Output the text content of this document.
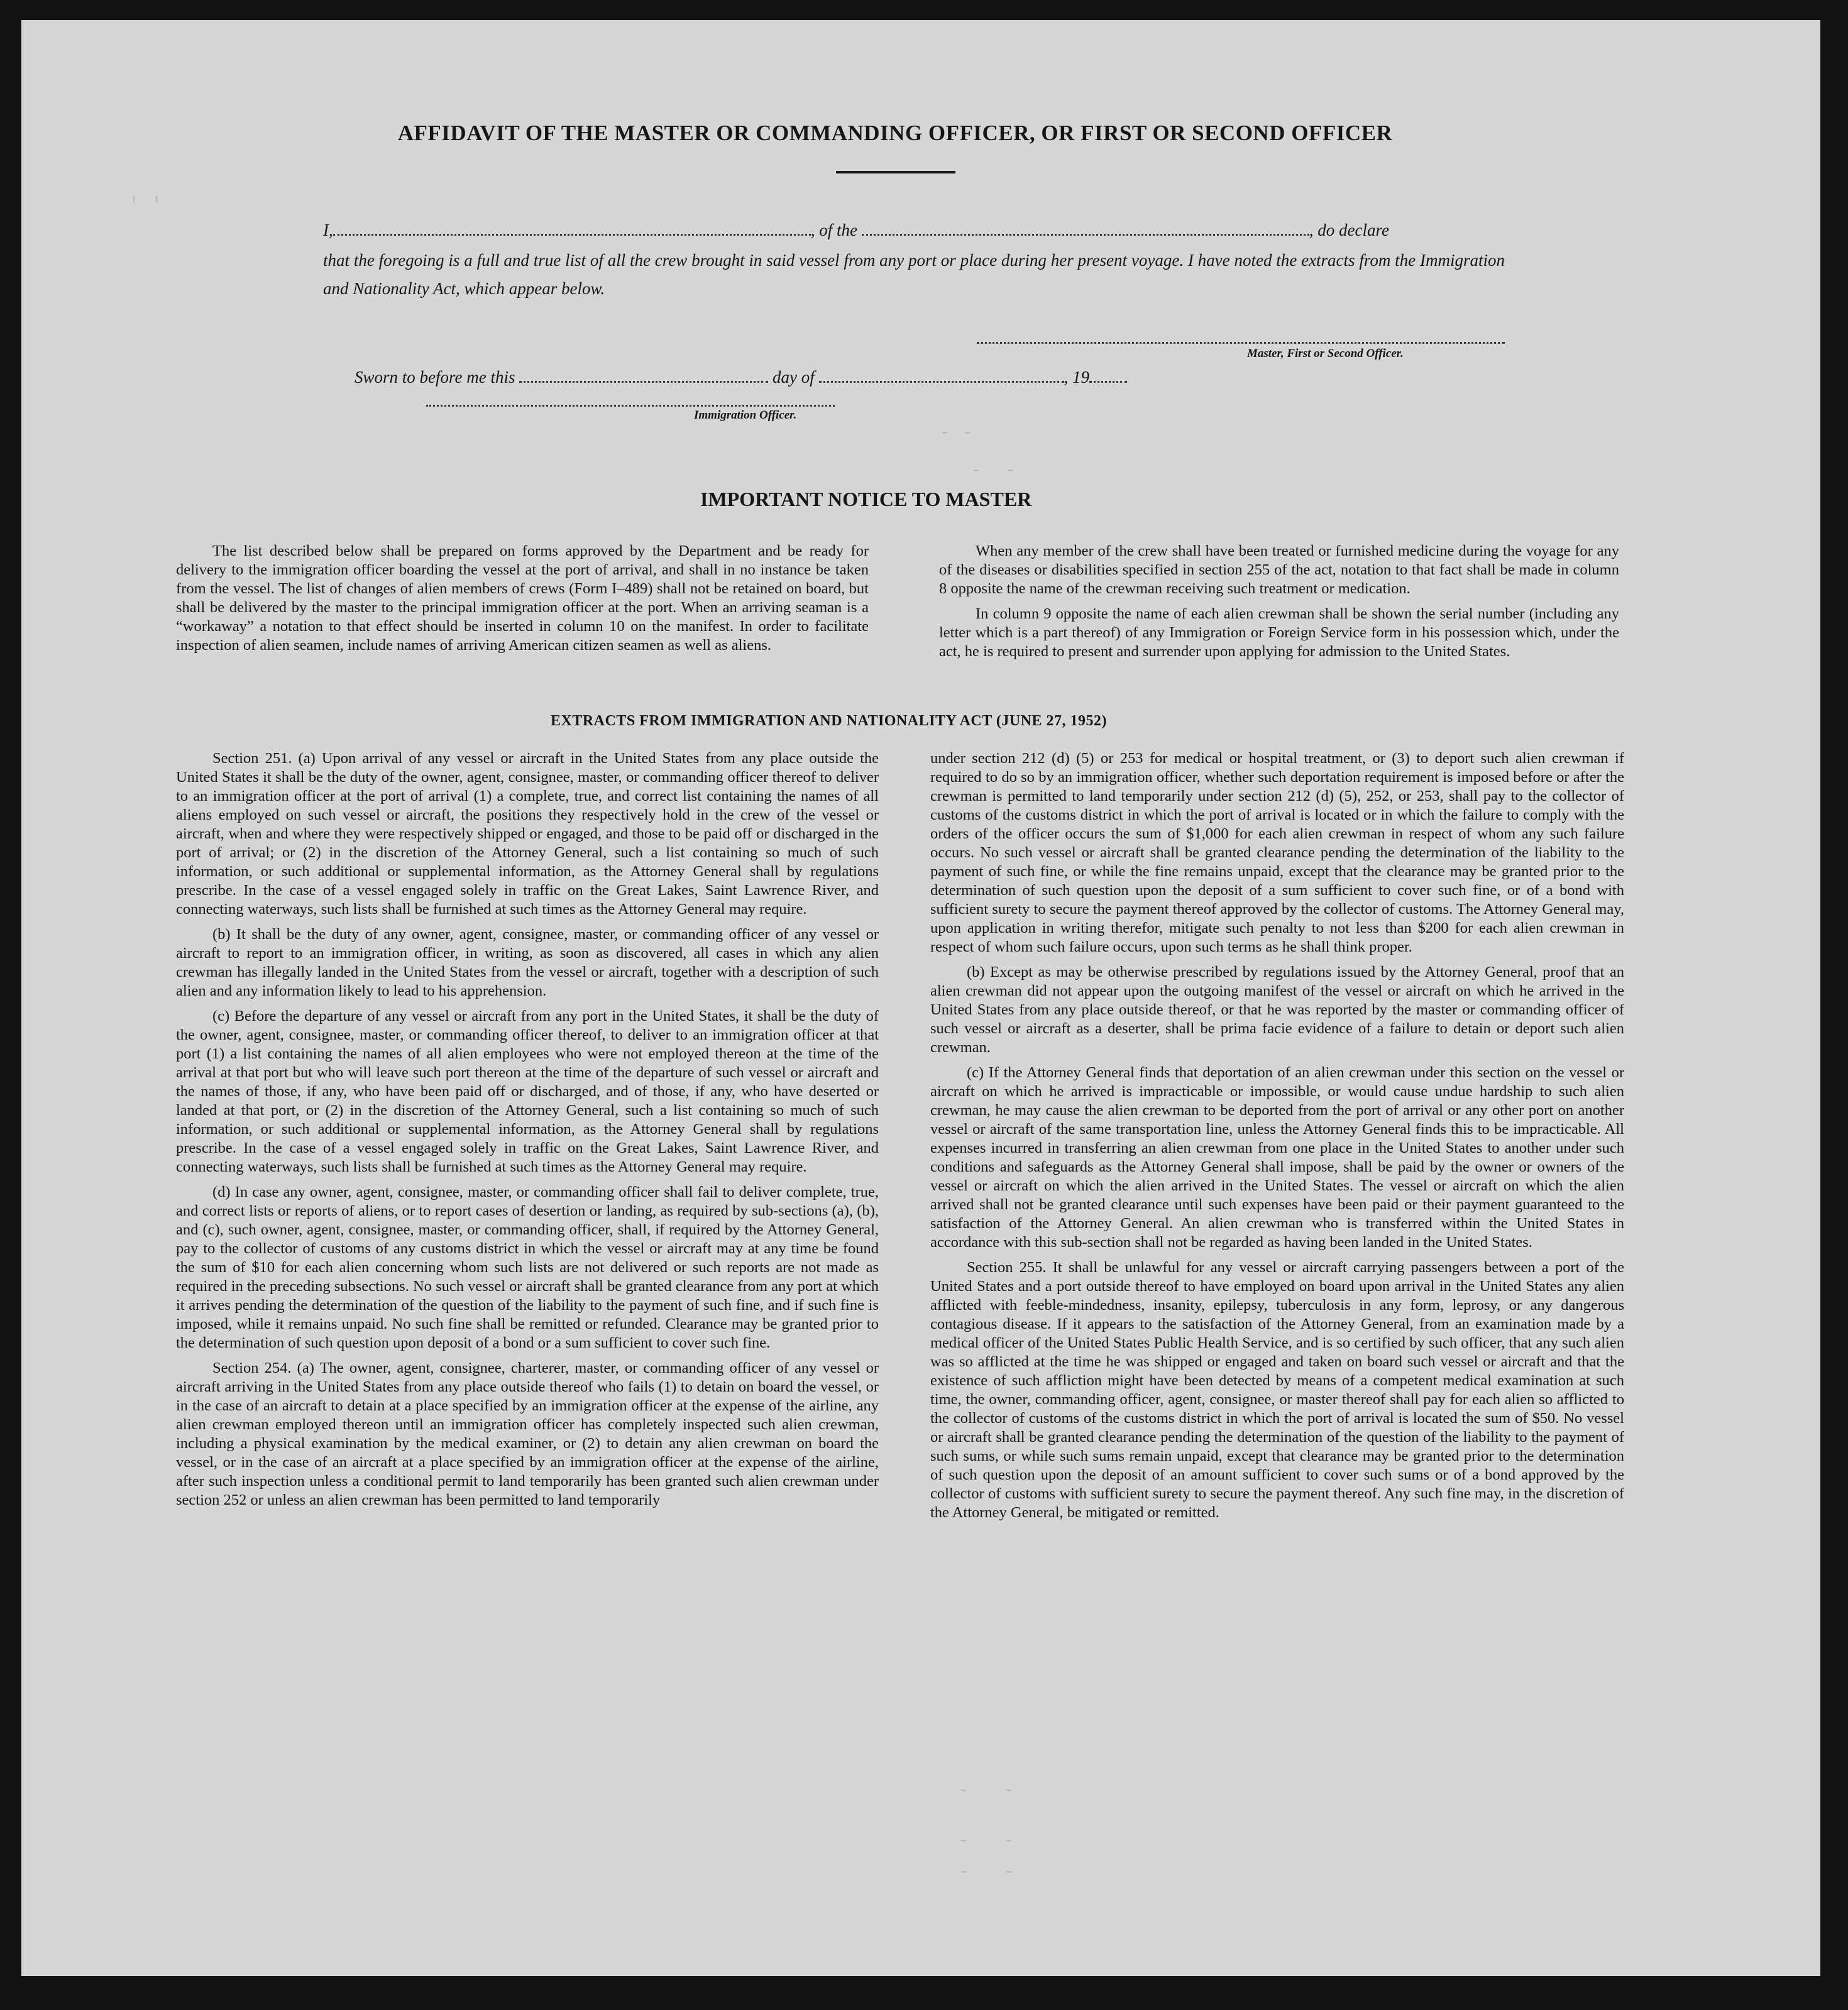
' '
- -
-  -

-   -
-   -
-   -
AFFIDAVIT OF THE MASTER OR COMMANDING OFFICER, OR FIRST OR SECOND OFFICER
I,	, of the	, do declare
that the foregoing is a full and true list of all the crew brought in said vessel from any port or place during her present voyage. I have noted the extracts from the Immigration and Nationality Act, which appear below.
Master, First or Second Officer.
Sworn to before me this	day of	, 19
Immigration Officer.
IMPORTANT NOTICE TO MASTER

The list described below shall be prepared on forms approved by the Department and be ready for delivery to the immigration officer boarding the vessel at the port of arrival, and shall in no instance be taken from the vessel. The list of changes of alien members of crews (Form I–489) shall not be retained on board, but shall be delivered by the master to the principal immigration officer at the port. When an arriving seaman is a “workaway” a notation to that effect should be inserted in column 10 on the manifest. In order to facilitate inspection of alien seamen, include names of arriving American citizen seamen as well as aliens.

When any member of the crew shall have been treated or furnished medicine during the voyage for any of the diseases or disabilities specified in section 255 of the act, notation to that fact shall be made in column 8 opposite the name of the crewman receiving such treatment or medication.

In column 9 opposite the name of each alien crewman shall be shown the serial number (including any letter which is a part thereof) of any Immigration or Foreign Service form in his possession which, under the act, he is required to present and surrender upon applying for admission to the United States.

EXTRACTS FROM IMMIGRATION AND NATIONALITY ACT (JUNE 27, 1952)

Section 251. (a) Upon arrival of any vessel or aircraft in the United States from any place outside the United States it shall be the duty of the owner, agent, consignee, master, or commanding officer thereof to deliver to an immigration officer at the port of arrival (1) a complete, true, and correct list containing the names of all aliens employed on such vessel or aircraft, the positions they respectively hold in the crew of the vessel or aircraft, when and where they were respectively shipped or engaged, and those to be paid off or discharged in the port of arrival; or (2) in the discretion of the Attorney General, such a list containing so much of such information, or such additional or supplemental information, as the Attorney General shall by regulations prescribe. In the case of a vessel engaged solely in traffic on the Great Lakes, Saint Lawrence River, and connecting waterways, such lists shall be furnished at such times as the Attorney General may require.

(b) It shall be the duty of any owner, agent, consignee, master, or commanding officer of any vessel or aircraft to report to an immigration officer, in writing, as soon as discovered, all cases in which any alien crewman has illegally landed in the United States from the vessel or aircraft, together with a description of such alien and any information likely to lead to his apprehension.

(c) Before the departure of any vessel or aircraft from any port in the United States, it shall be the duty of the owner, agent, consignee, master, or commanding officer thereof, to deliver to an immigration officer at that port (1) a list containing the names of all alien employees who were not employed thereon at the time of the arrival at that port but who will leave such port thereon at the time of the departure of such vessel or aircraft and the names of those, if any, who have been paid off or discharged, and of those, if any, who have deserted or landed at that port, or (2) in the discretion of the Attorney General, such a list containing so much of such information, or such additional or supplemental information, as the Attorney General shall by regulations prescribe. In the case of a vessel engaged solely in traffic on the Great Lakes, Saint Lawrence River, and connecting waterways, such lists shall be furnished at such times as the Attorney General may require.

(d) In case any owner, agent, consignee, master, or commanding officer shall fail to deliver complete, true, and correct lists or reports of aliens, or to report cases of desertion or landing, as required by sub-sections (a), (b), and (c), such owner, agent, consignee, master, or commanding officer, shall, if required by the Attorney General, pay to the collector of customs of any customs district in which the vessel or aircraft may at any time be found the sum of $10 for each alien concerning whom such lists are not delivered or such reports are not made as required in the preceding subsections. No such vessel or aircraft shall be granted clearance from any port at which it arrives pending the determination of the question of the liability to the payment of such fine, and if such fine is imposed, while it remains unpaid. No such fine shall be remitted or refunded. Clearance may be granted prior to the determination of such question upon deposit of a bond or a sum sufficient to cover such fine.

Section 254. (a) The owner, agent, consignee, charterer, master, or commanding officer of any vessel or aircraft arriving in the United States from any place outside thereof who fails (1) to detain on board the vessel, or in the case of an aircraft to detain at a place specified by an immigration officer at the expense of the airline, any alien crewman employed thereon until an immigration officer has completely inspected such alien crewman, including a physical examination by the medical examiner, or (2) to detain any alien crewman on board the vessel, or in the case of an aircraft at a place specified by an immigration officer at the expense of the airline, after such inspection unless a conditional permit to land temporarily has been granted such alien crewman under section 252 or unless an alien crewman has been permitted to land temporarily

under section 212 (d) (5) or 253 for medical or hospital treatment, or (3) to deport such alien crewman if required to do so by an immigration officer, whether such deportation requirement is imposed before or after the crewman is permitted to land temporarily under section 212 (d) (5), 252, or 253, shall pay to the collector of customs of the customs district in which the port of arrival is located or in which the failure to comply with the orders of the officer occurs the sum of $1,000 for each alien crewman in respect of whom any such failure occurs. No such vessel or aircraft shall be granted clearance pending the determination of the liability to the payment of such fine, or while the fine remains unpaid, except that the clearance may be granted prior to the determination of such question upon the deposit of a sum sufficient to cover such fine, or of a bond with sufficient surety to secure the payment thereof approved by the collector of customs. The Attorney General may, upon application in writing therefor, mitigate such penalty to not less than $200 for each alien crewman in respect of whom such failure occurs, upon such terms as he shall think proper.

(b) Except as may be otherwise prescribed by regulations issued by the Attorney General, proof that an alien crewman did not appear upon the outgoing manifest of the vessel or aircraft on which he arrived in the United States from any place outside thereof, or that he was reported by the master or commanding officer of such vessel or aircraft as a deserter, shall be prima facie evidence of a failure to detain or deport such alien crewman.

(c) If the Attorney General finds that deportation of an alien crewman under this section on the vessel or aircraft on which he arrived is impracticable or impossible, or would cause undue hardship to such alien crewman, he may cause the alien crewman to be deported from the port of arrival or any other port on another vessel or aircraft of the same transportation line, unless the Attorney General finds this to be impracticable. All expenses incurred in transferring an alien crewman from one place in the United States to another under such conditions and safeguards as the Attorney General shall impose, shall be paid by the owner or owners of the vessel or aircraft on which the alien arrived in the United States. The vessel or aircraft on which the alien arrived shall not be granted clearance until such expenses have been paid or their payment guaranteed to the satisfaction of the Attorney General. An alien crewman who is transferred within the United States in accordance with this sub-section shall not be regarded as having been landed in the United States.

Section 255. It shall be unlawful for any vessel or aircraft carrying passengers between a port of the United States and a port outside thereof to have employed on board upon arrival in the United States any alien afflicted with feeble-mindedness, insanity, epilepsy, tuberculosis in any form, leprosy, or any dangerous contagious disease. If it appears to the satisfaction of the Attorney General, from an examination made by a medical officer of the United States Public Health Service, and is so certified by such officer, that any such alien was so afflicted at the time he was shipped or engaged and taken on board such vessel or aircraft and that the existence of such affliction might have been detected by means of a competent medical examination at such time, the owner, commanding officer, agent, consignee, or master thereof shall pay for each alien so afflicted to the collector of customs of the customs district in which the port of arrival is located the sum of $50. No vessel or aircraft shall be granted clearance pending the determination of the question of the liability to the payment of such sums, or while such sums remain unpaid, except that clearance may be granted prior to the determination of such question upon the deposit of an amount sufficient to cover such sums or of a bond approved by the collector of customs with sufficient surety to secure the payment thereof. Any such fine may, in the discretion of the Attorney General, be mitigated or remitted.
